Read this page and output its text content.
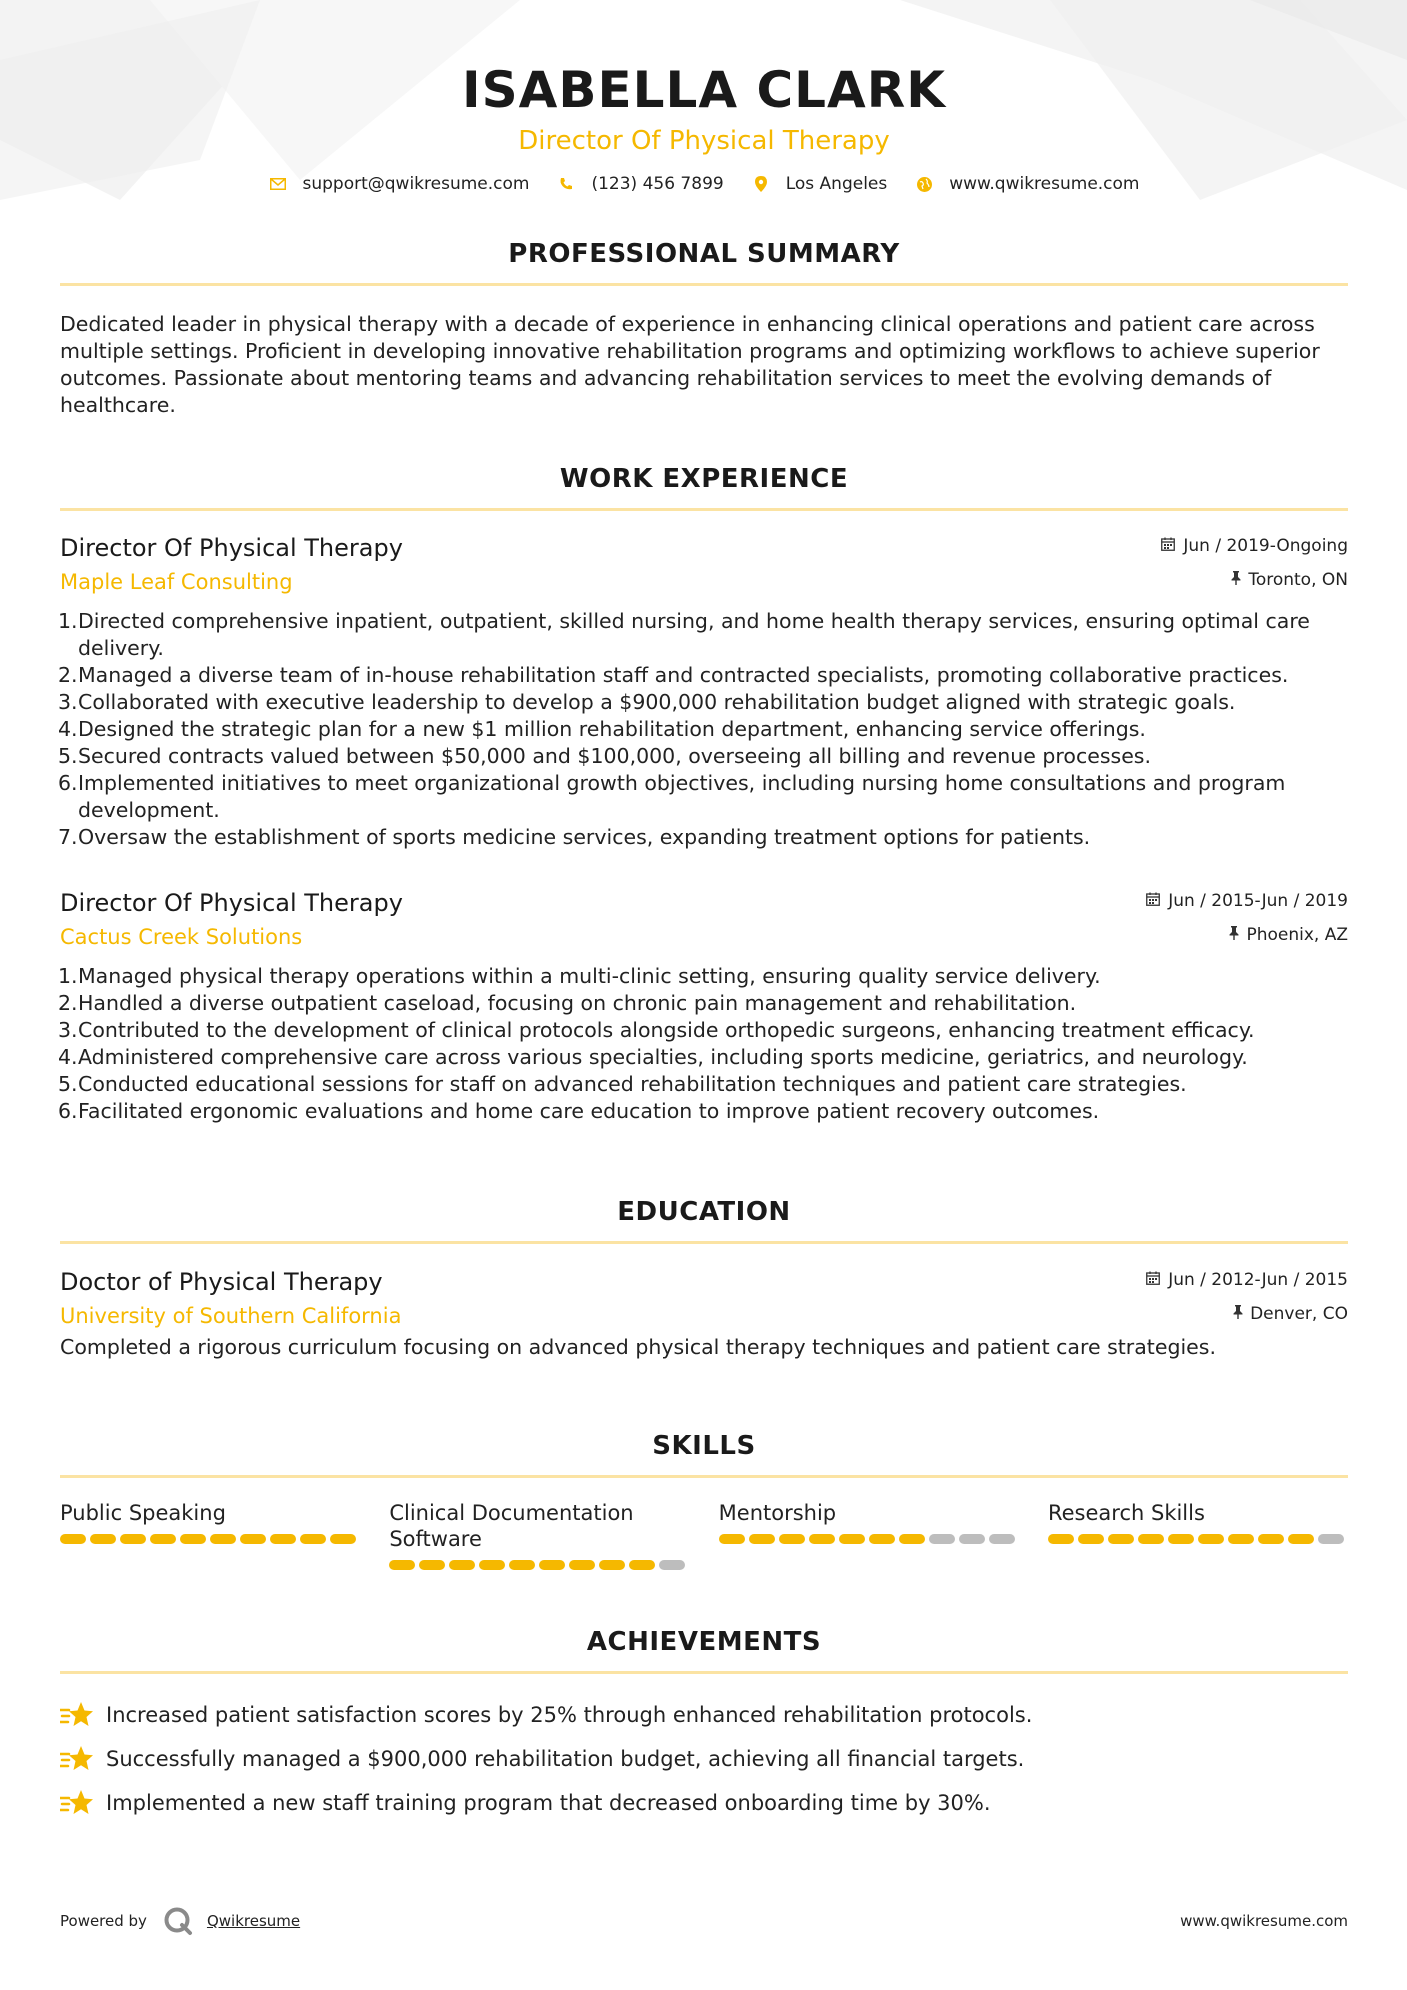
ISABELLA CLARK
Director Of Physical Therapy
support@qwikresume.com	(123) 456 7899	Los Angeles	www.qwikresume.com
PROFESSIONAL SUMMARY
Dedicated leader in physical therapy with a decade of experience in enhancing clinical operations and patient care across multiple settings. Proficient in developing innovative rehabilitation programs and optimizing workflows to achieve superior outcomes. Passionate about mentoring teams and advancing rehabilitation services to meet the evolving demands of healthcare.
WORK EXPERIENCE
Director Of Physical Therapy	Jun / 2019-Ongoing
Maple Leaf Consulting	Toronto, ON
1. Directed comprehensive inpatient, outpatient, skilled nursing, and home health therapy services, ensuring optimal care delivery.
2. Managed a diverse team of in-house rehabilitation staff and contracted specialists, promoting collaborative practices.
3. Collaborated with executive leadership to develop a $900,000 rehabilitation budget aligned with strategic goals.
4. Designed the strategic plan for a new $1 million rehabilitation department, enhancing service offerings.
5. Secured contracts valued between $50,000 and $100,000, overseeing all billing and revenue processes.
6. Implemented initiatives to meet organizational growth objectives, including nursing home consultations and program development.
7. Oversaw the establishment of sports medicine services, expanding treatment options for patients.
Director Of Physical Therapy	Jun / 2015-Jun / 2019
Cactus Creek Solutions	Phoenix, AZ
1. Managed physical therapy operations within a multi-clinic setting, ensuring quality service delivery.
2. Handled a diverse outpatient caseload, focusing on chronic pain management and rehabilitation.
3. Contributed to the development of clinical protocols alongside orthopedic surgeons, enhancing treatment efficacy.
4. Administered comprehensive care across various specialties, including sports medicine, geriatrics, and neurology.
5. Conducted educational sessions for staff on advanced rehabilitation techniques and patient care strategies.
6. Facilitated ergonomic evaluations and home care education to improve patient recovery outcomes.
EDUCATION
Doctor of Physical Therapy	Jun / 2012-Jun / 2015
University of Southern California	Denver, CO
Completed a rigorous curriculum focusing on advanced physical therapy techniques and patient care strategies.
SKILLS
Public Speaking	Clinical Documentation Software
Mentorship	Research Skills
ACHIEVEMENTS
Increased patient satisfaction scores by 25% through enhanced rehabilitation protocols.
Successfully managed a $900,000 rehabilitation budget, achieving all financial targets.
Implemented a new staff training program that decreased onboarding time by 30%.
Powered by	Qwikresume	www.qwikresume.com
